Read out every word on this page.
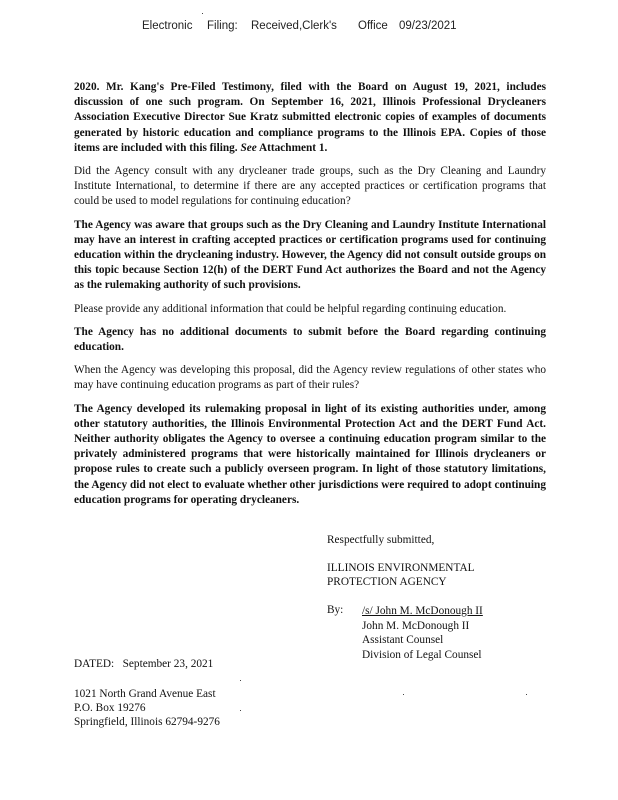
Electronic Filing: Received,Clerk's Office 09/23/2021

2020. Mr. Kang's Pre-Filed Testimony, filed with the Board on August 19, 2021, includes discussion of one such program. On September 16, 2021, Illinois Professional Drycleaners Association Executive Director Sue Kratz submitted electronic copies of examples of documents generated by historic education and compliance programs to the Illinois EPA. Copies of those items are included with this filing. See Attachment 1.

Did the Agency consult with any drycleaner trade groups, such as the Dry Cleaning and Laundry Institute International, to determine if there are any accepted practices or certification programs that could be used to model regulations for continuing education?

The Agency was aware that groups such as the Dry Cleaning and Laundry Institute International may have an interest in crafting accepted practices or certification programs used for continuing education within the drycleaning industry. However, the Agency did not consult outside groups on this topic because Section 12(h) of the DERT Fund Act authorizes the Board and not the Agency as the rulemaking authority of such provisions.

Please provide any additional information that could be helpful regarding continuing education.

The Agency has no additional documents to submit before the Board regarding continuing education.

When the Agency was developing this proposal, did the Agency review regulations of other states who may have continuing education programs as part of their rules?

The Agency developed its rulemaking proposal in light of its existing authorities under, among other statutory authorities, the Illinois Environmental Protection Act and the DERT Fund Act. Neither authority obligates the Agency to oversee a continuing education program similar to the privately administered programs that were historically maintained for Illinois drycleaners or propose rules to create such a publicly overseen program. In light of those statutory limitations, the Agency did not elect to evaluate whether other jurisdictions were required to adopt continuing education programs for operating drycleaners.

Respectfully submitted,
ILLINOIS ENVIRONMENTAL
PROTECTION AGENCY
By: /s/ John M. McDonough II
John M. McDonough II
Assistant Counsel
Division of Legal Counsel
DATED:   September 23, 2021
1021 North Grand Avenue East
P.O. Box 19276
Springfield, Illinois 62794-9276
